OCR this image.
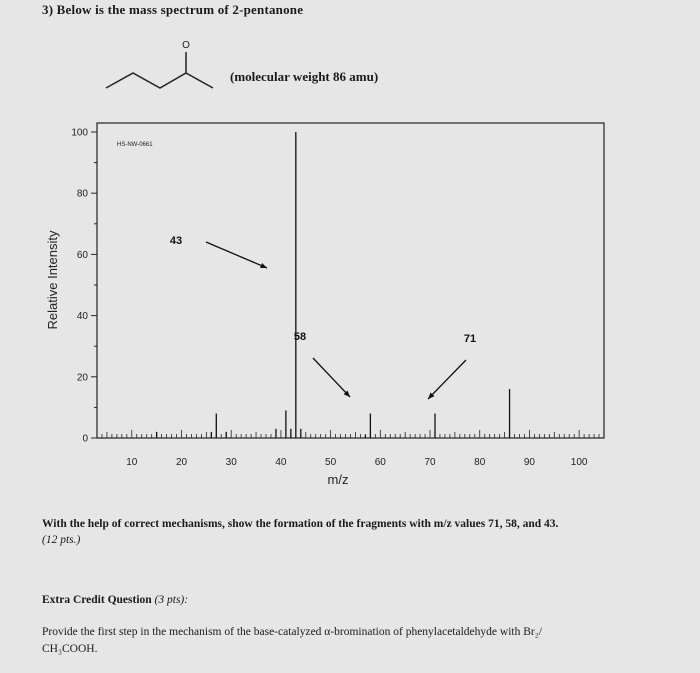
3) Below is the mass spectrum of 2-pentanone
O
(molecular weight 86 amu)
HS-NW-0661
m/z
Relative Intensity
0
20
40
60
80
100
10	20	30	40	50	60	70	80	90	100
43
58	71
With the help of correct mechanisms, show the formation of the fragments with m/z values 71, 58, and 43.
(12 pts.)
Extra Credit Question (3 pts):
Provide the first step in the mechanism of the base-catalyzed α-bromination of phenylacetaldehyde with Br₂/
CH₃COOH.
